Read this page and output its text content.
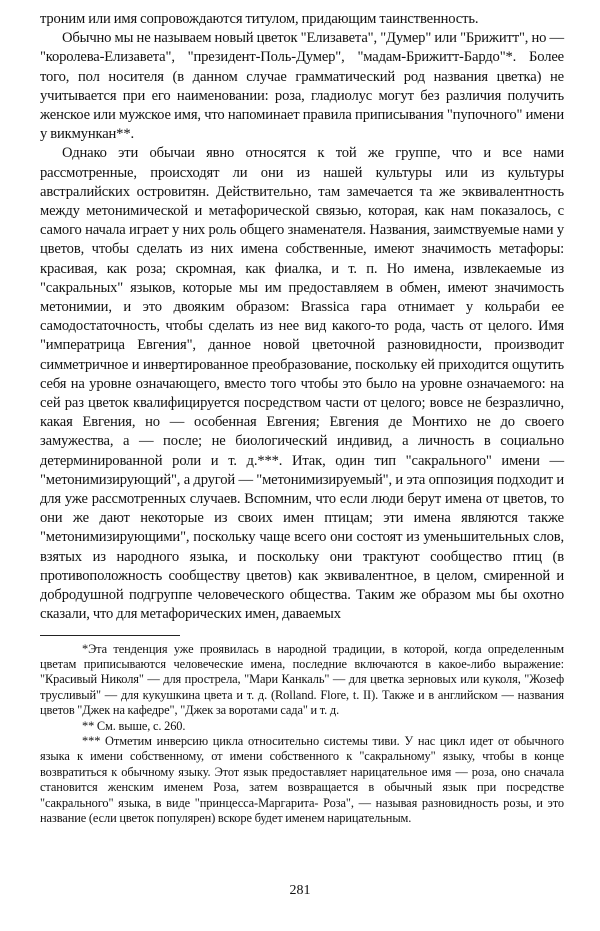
троним или имя сопровождаются титулом, придающим таинственность.

Обычно мы не называем новый цветок "Елизавета", "Думер" или "Брижитт", но — "королева-Елизавета", "президент-Поль-Думер", "мадам-Брижитт-Бардо"*. Более того, пол носителя (в данном случае грамматический род названия цветка) не учитывается при его наименовании: роза, гладиолус могут без различия получить женское или мужское имя, что напоминает правила приписывания "пупочного" имени у викмункан**.

Однако эти обычаи явно относятся к той же группе, что и все нами рассмотренные, происходят ли они из нашей культуры или из культуры австралийских островитян. Действительно, там замечается та же эквивалентность между метонимической и метафорической связью, которая, как нам показалось, с самого начала играет у них роль общего знаменателя. Названия, заимствуемые нами у цветов, чтобы сделать из них имена собственные, имеют значимость метафоры: красивая, как роза; скромная, как фиалка, и т. п. Но имена, извлекаемые из "сакральных" языков, которые мы им предоставляем в обмен, имеют значимость метонимии, и это двояким образом: Brassica гара отнимает у кольраби ее самодостаточность, чтобы сделать из нее вид какого-то рода, часть от целого. Имя "императрица Евгения", данное новой цветочной разновидности, производит симметричное и инвертированное преобразование, поскольку ей приходится ощутить себя на уровне означающего, вместо того чтобы это было на уровне означаемого: на сей раз цветок квалифицируется посредством части от целого; вовсе не безразлично, какая Евгения, но — особенная Евгения; Евгения де Монтихо не до своего замужества, а — после; не биологический индивид, а личность в социально детерминированной роли и т. д.***. Итак, один тип "сакрального" имени — "метонимизирующий", а другой — "метонимизируемый", и эта оппозиция подходит и для уже рассмотренных случаев. Вспомним, что если люди берут имена от цветов, то они же дают некоторые из своих имен птицам; эти имена являются также "метонимизирующими", поскольку чаще всего они состоят из уменьшительных слов, взятых из народного языка, и поскольку они трактуют сообщество птиц (в противоположность сообществу цветов) как эквивалентное, в целом, смиренной и добродушной подгруппе человеческого общества. Таким же образом мы бы охотно сказали, что для метафорических имен, даваемых

*Эта тенденция уже проявилась в народной традиции, в которой, когда определенным цветам приписываются человеческие имена, последние включаются в какое-либо выражение: "Красивый Николя" — для прострела, "Мари Канкаль" — для цветка зерновых или куколя, "Жозеф трусливый" — для кукушкина цвета и т. д. (Rolland. Flore, t. II). Также и в английском — названия цветов "Джек на кафедре", "Джек за воротами сада" и т. д.

** См. выше, с. 260.

*** Отметим инверсию цикла относительно системы тиви. У нас цикл идет от обычного языка к имени собственному, от имени собственного к "сакральному" языку, чтобы в конце возвратиться к обычному языку. Этот язык предоставляет нарицательное имя — роза, оно сначала становится женским именем Роза, затем возвращается в обычный язык при посредстве "сакрального" языка, в виде "принцесса-Маргарита- Роза", — называя разновидность розы, и это название (если цветок популярен) вскоре будет именем нарицательным.

281
